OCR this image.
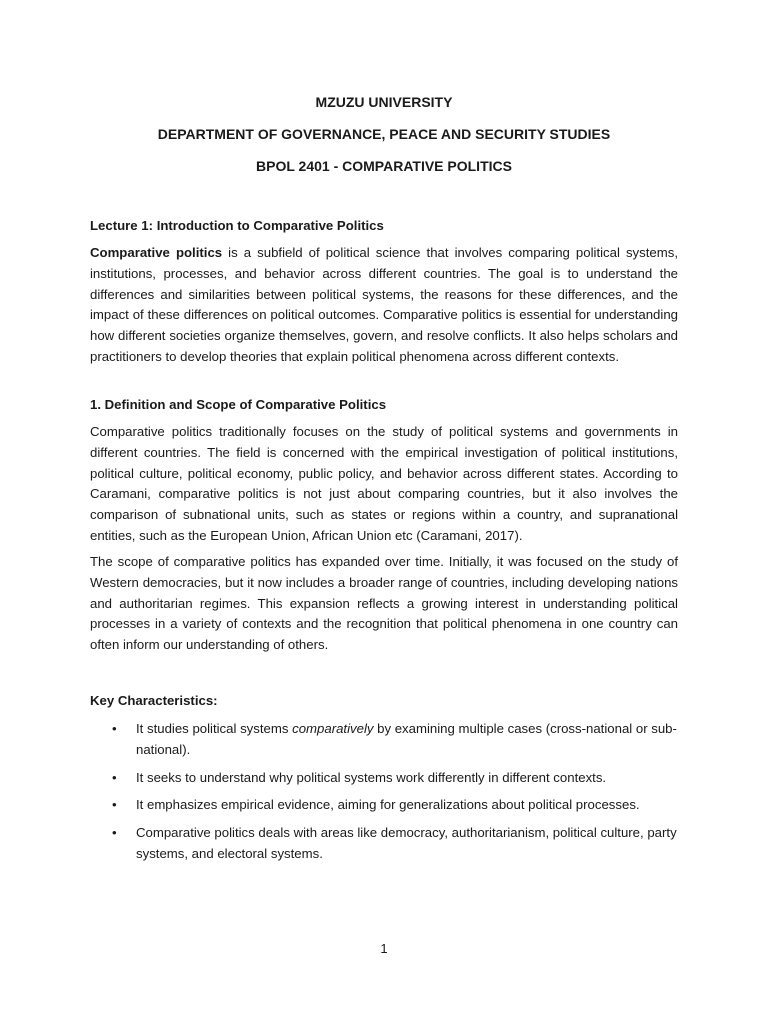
MZUZU UNIVERSITY
DEPARTMENT OF GOVERNANCE, PEACE AND SECURITY STUDIES
BPOL 2401 - COMPARATIVE POLITICS

Lecture 1: Introduction to Comparative Politics

Comparative politics is a subfield of political science that involves comparing political systems, institutions, processes, and behavior across different countries. The goal is to understand the differences and similarities between political systems, the reasons for these differences, and the impact of these differences on political outcomes. Comparative politics is essential for understanding how different societies organize themselves, govern, and resolve conflicts. It also helps scholars and practitioners to develop theories that explain political phenomena across different contexts.

1. Definition and Scope of Comparative Politics

Comparative politics traditionally focuses on the study of political systems and governments in different countries. The field is concerned with the empirical investigation of political institutions, political culture, political economy, public policy, and behavior across different states. According to Caramani, comparative politics is not just about comparing countries, but it also involves the comparison of subnational units, such as states or regions within a country, and supranational entities, such as the European Union, African Union etc (Caramani, 2017).

The scope of comparative politics has expanded over time. Initially, it was focused on the study of Western democracies, but it now includes a broader range of countries, including developing nations and authoritarian regimes. This expansion reflects a growing interest in understanding political processes in a variety of contexts and the recognition that political phenomena in one country can often inform our understanding of others.

Key Characteristics:

• It studies political systems comparatively by examining multiple cases (cross-national or sub-national).
• It seeks to understand why political systems work differently in different contexts.
• It emphasizes empirical evidence, aiming for generalizations about political processes.
• Comparative politics deals with areas like democracy, authoritarianism, political culture, party systems, and electoral systems.
1
